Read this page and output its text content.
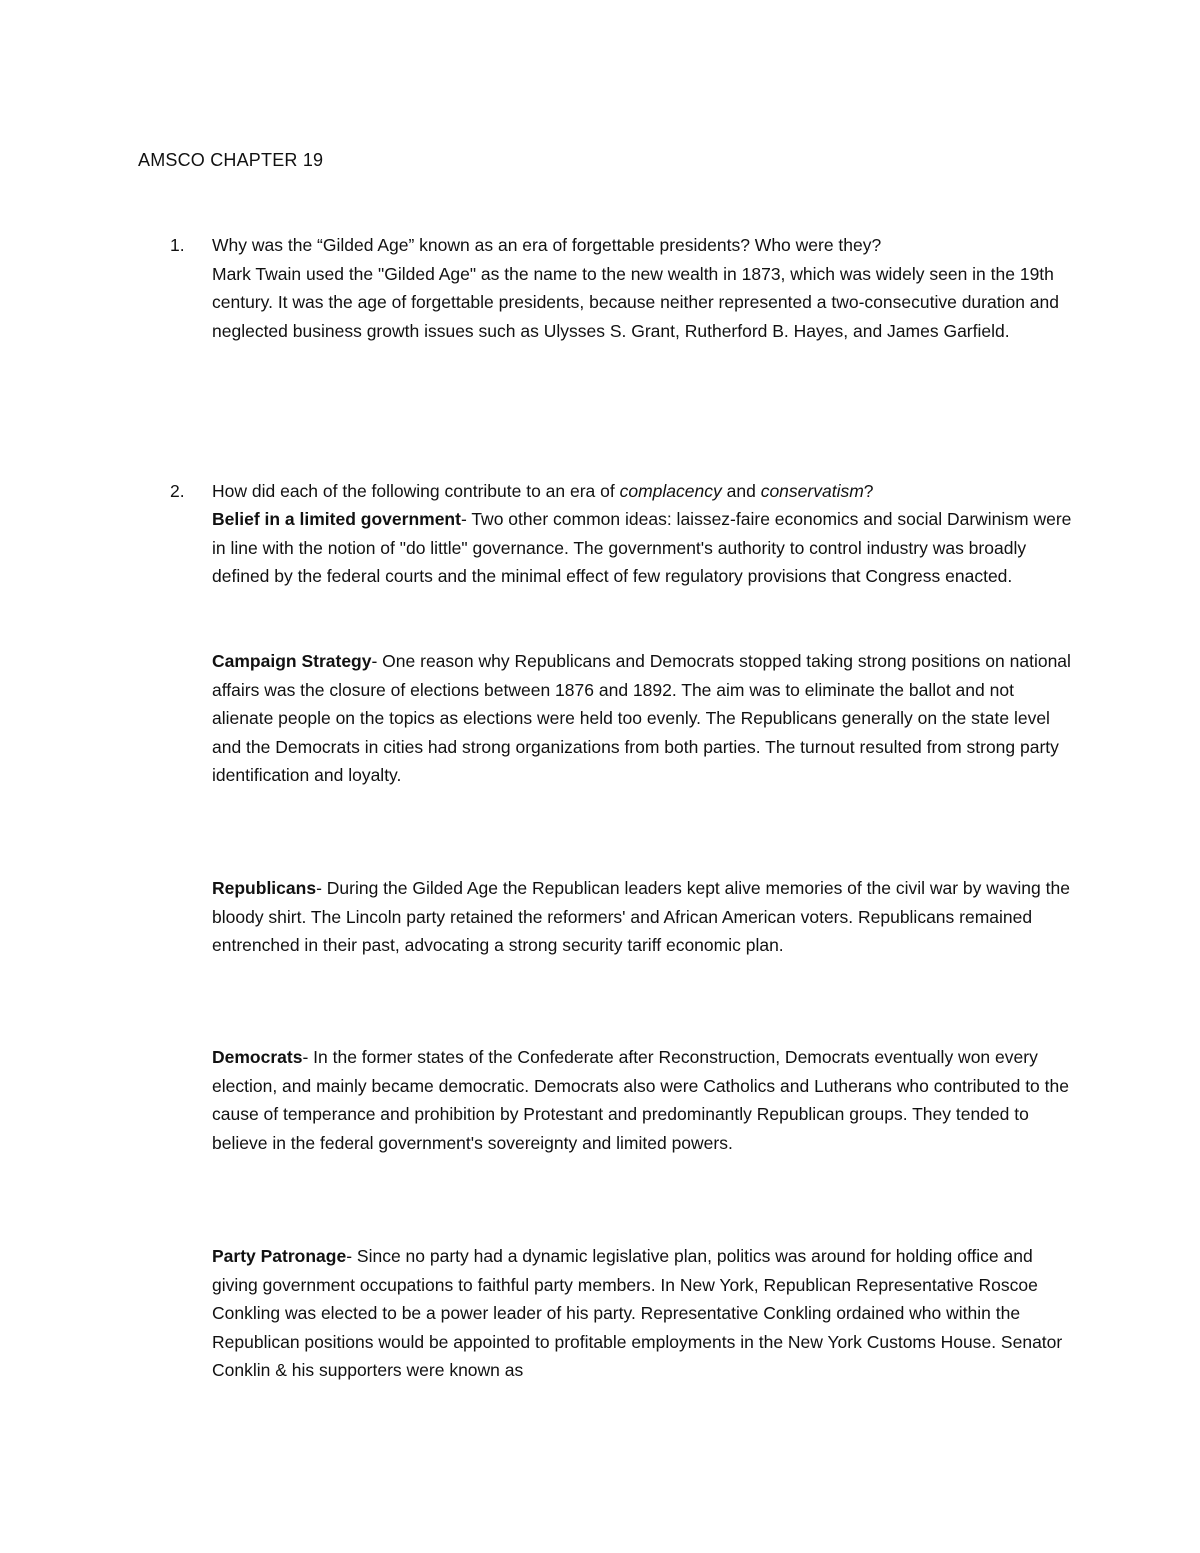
AMSCO CHAPTER 19
1.	Why was the “Gilded Age” known as an era of forgettable presidents? Who were they?

Mark Twain used the "Gilded Age" as the name to the new wealth in 1873, which was widely seen in the 19th century. It was the age of forgettable presidents, because neither represented a two-consecutive duration and neglected business growth issues such as Ulysses S. Grant, Rutherford B. Hayes, and James Garfield.

2.	How did each of the following contribute to an era of complacency and conservatism?

Belief in a limited government- Two other common ideas: laissez-faire economics and social Darwinism were in line with the notion of "do little" governance. The government's authority to control industry was broadly defined by the federal courts and the minimal effect of few regulatory provisions that Congress enacted.

Campaign Strategy- One reason why Republicans and Democrats stopped taking strong positions on national affairs was the closure of elections between 1876 and 1892. The aim was to eliminate the ballot and not alienate people on the topics as elections were held too evenly. The Republicans generally on the state level and the Democrats in cities had strong organizations from both parties. The turnout resulted from strong party identification and loyalty.

Republicans- During the Gilded Age the Republican leaders kept alive memories of the civil war by waving the bloody shirt. The Lincoln party retained the reformers' and African American voters. Republicans remained entrenched in their past, advocating a strong security tariff economic plan.

Democrats- In the former states of the Confederate after Reconstruction, Democrats eventually won every election, and mainly became democratic. Democrats also were Catholics and Lutherans who contributed to the cause of temperance and prohibition by Protestant and predominantly Republican groups. They tended to believe in the federal government's sovereignty and limited powers.

Party Patronage- Since no party had a dynamic legislative plan, politics was around for holding office and giving government occupations to faithful party members. In New York, Republican Representative Roscoe Conkling was elected to be a power leader of his party. Representative Conkling ordained who within the Republican positions would be appointed to profitable employments in the New York Customs House. Senator Conklin & his supporters were known as
